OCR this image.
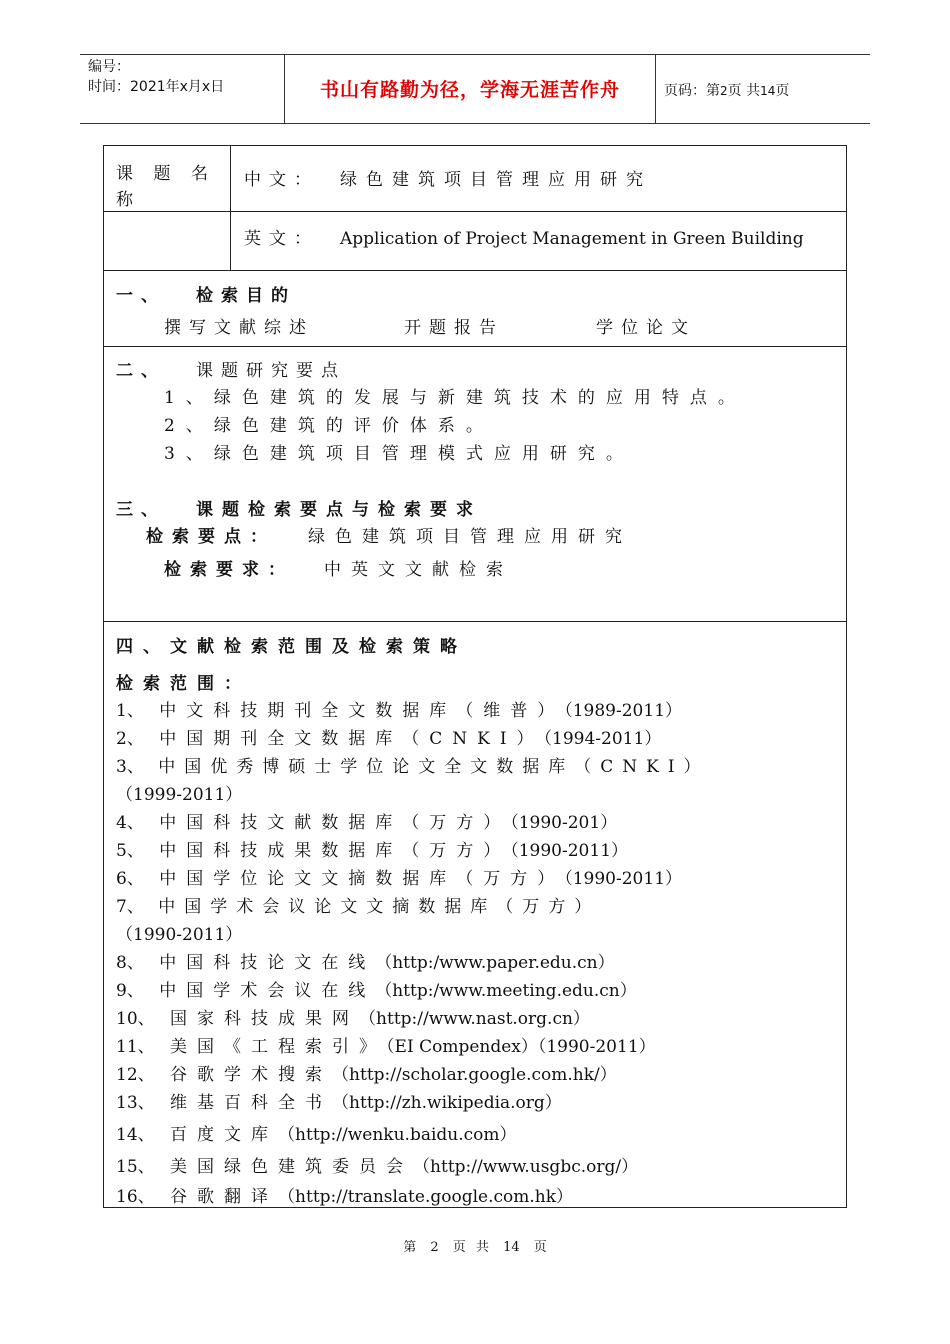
编号：
时间：2021年x月x日	书山有路勤为径，学海无涯苦作舟	页码：第2页 共14页
课 题 名

称
中文： 绿色建筑项目管理应用研究
英文： Application of Project Management in Green Building
一、 检索目的
撰写文献综述	开题报告	学位论文
二、 课题研究要点
1、绿色建筑的发展与新建筑技术的应用特点。
2、绿色建筑的评价体系。
3、绿色建筑项目管理模式应用研究。
三、 课题检索要点与检索要求
检索要点： 绿色建筑项目管理应用研究
检索要求： 中英文文献检索
四、文献检索范围及检索策略
检索范围：
1、 中文科技期刊全文数据库（维普）（1989-2011）
2、 中国期刊全文数据库（CNKI）（1994-2011）
3、 中国优秀博硕士学位论文全文数据库（CNKI）
（1999-2011）
4、 中国科技文献数据库（万方）（1990-201）
5、 中国科技成果数据库（万方）（1990-2011）
6、 中国学位论文文摘数据库（万方）（1990-2011）
7、 中国学术会议论文文摘数据库（万方）
（1990-2011）
8、 中国科技论文在线（http:/www.paper.edu.cn）
9、 中国学术会议在线（http:/www.meeting.edu.cn）
10、 国家科技成果网（http://www.nast.org.cn）
11、 美国《工程索引》（EI Compendex）（1990-2011）
12、 谷歌学术搜索（http://scholar.google.com.hk/）
13、 维基百科全书（http://zh.wikipedia.org）
14、 百度文库（http://wenku.baidu.com）
15、 美国绿色建筑委员会（http://www.usgbc.org/）
16、 谷歌翻译（http://translate.google.com.hk）
第 2 页 共 14 页
